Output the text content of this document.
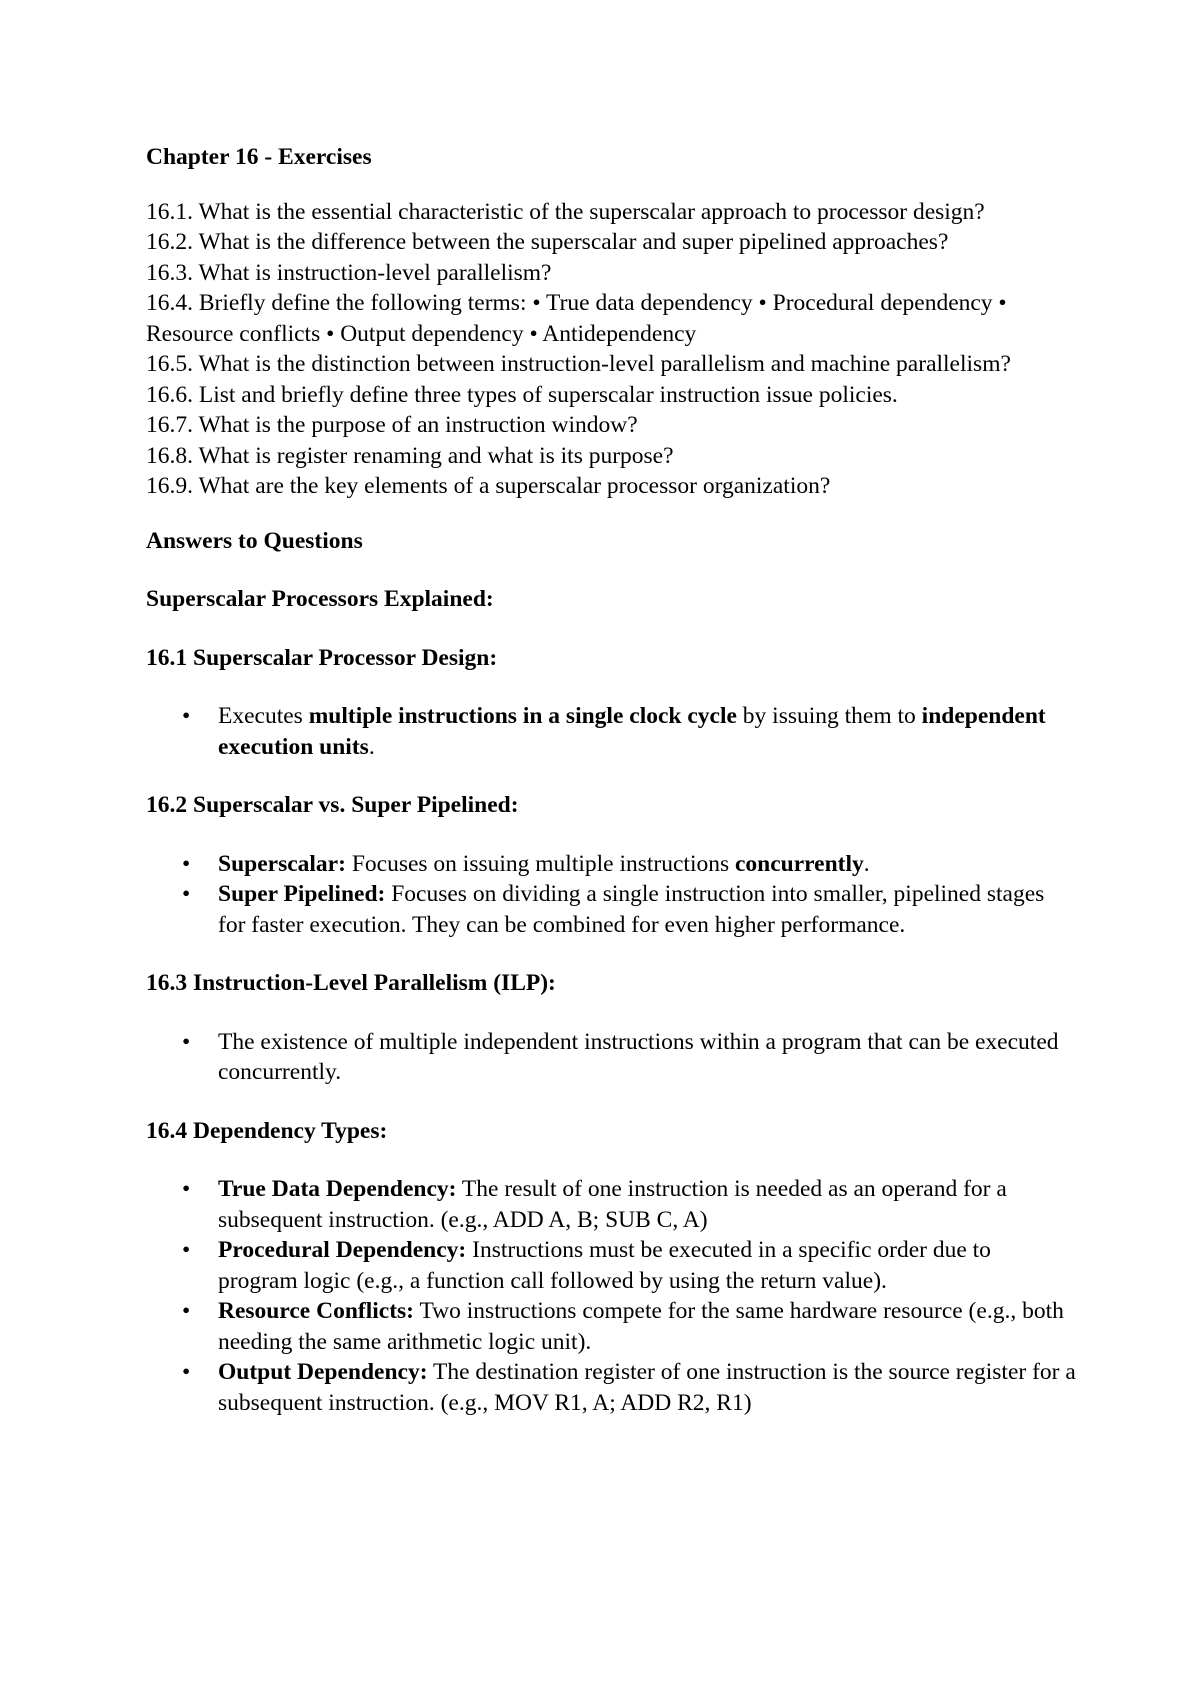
Chapter 16 - Exercises

16.1. What is the essential characteristic of the superscalar approach to processor design?

16.2. What is the difference between the superscalar and super pipelined approaches?

16.3. What is instruction-level parallelism?

16.4. Briefly define the following terms: • True data dependency • Procedural dependency • Resource conflicts • Output dependency • Antidependency

16.5. What is the distinction between instruction-level parallelism and machine parallelism?

16.6. List and briefly define three types of superscalar instruction issue policies.

16.7. What is the purpose of an instruction window?

16.8. What is register renaming and what is its purpose?

16.9. What are the key elements of a superscalar processor organization?

Answers to Questions

Superscalar Processors Explained:

16.1 Superscalar Processor Design:

• Executes multiple instructions in a single clock cycle by issuing them to independent execution units.

16.2 Superscalar vs. Super Pipelined:

• Superscalar: Focuses on issuing multiple instructions concurrently.
• Super Pipelined: Focuses on dividing a single instruction into smaller, pipelined stages for faster execution. They can be combined for even higher performance.

16.3 Instruction-Level Parallelism (ILP):

• The existence of multiple independent instructions within a program that can be executed concurrently.

16.4 Dependency Types:

• True Data Dependency: The result of one instruction is needed as an operand for a subsequent instruction. (e.g., ADD A, B; SUB C, A)
• Procedural Dependency: Instructions must be executed in a specific order due to program logic (e.g., a function call followed by using the return value).
• Resource Conflicts: Two instructions compete for the same hardware resource (e.g., both needing the same arithmetic logic unit).
• Output Dependency: The destination register of one instruction is the source register for a subsequent instruction. (e.g., MOV R1, A; ADD R2, R1)
